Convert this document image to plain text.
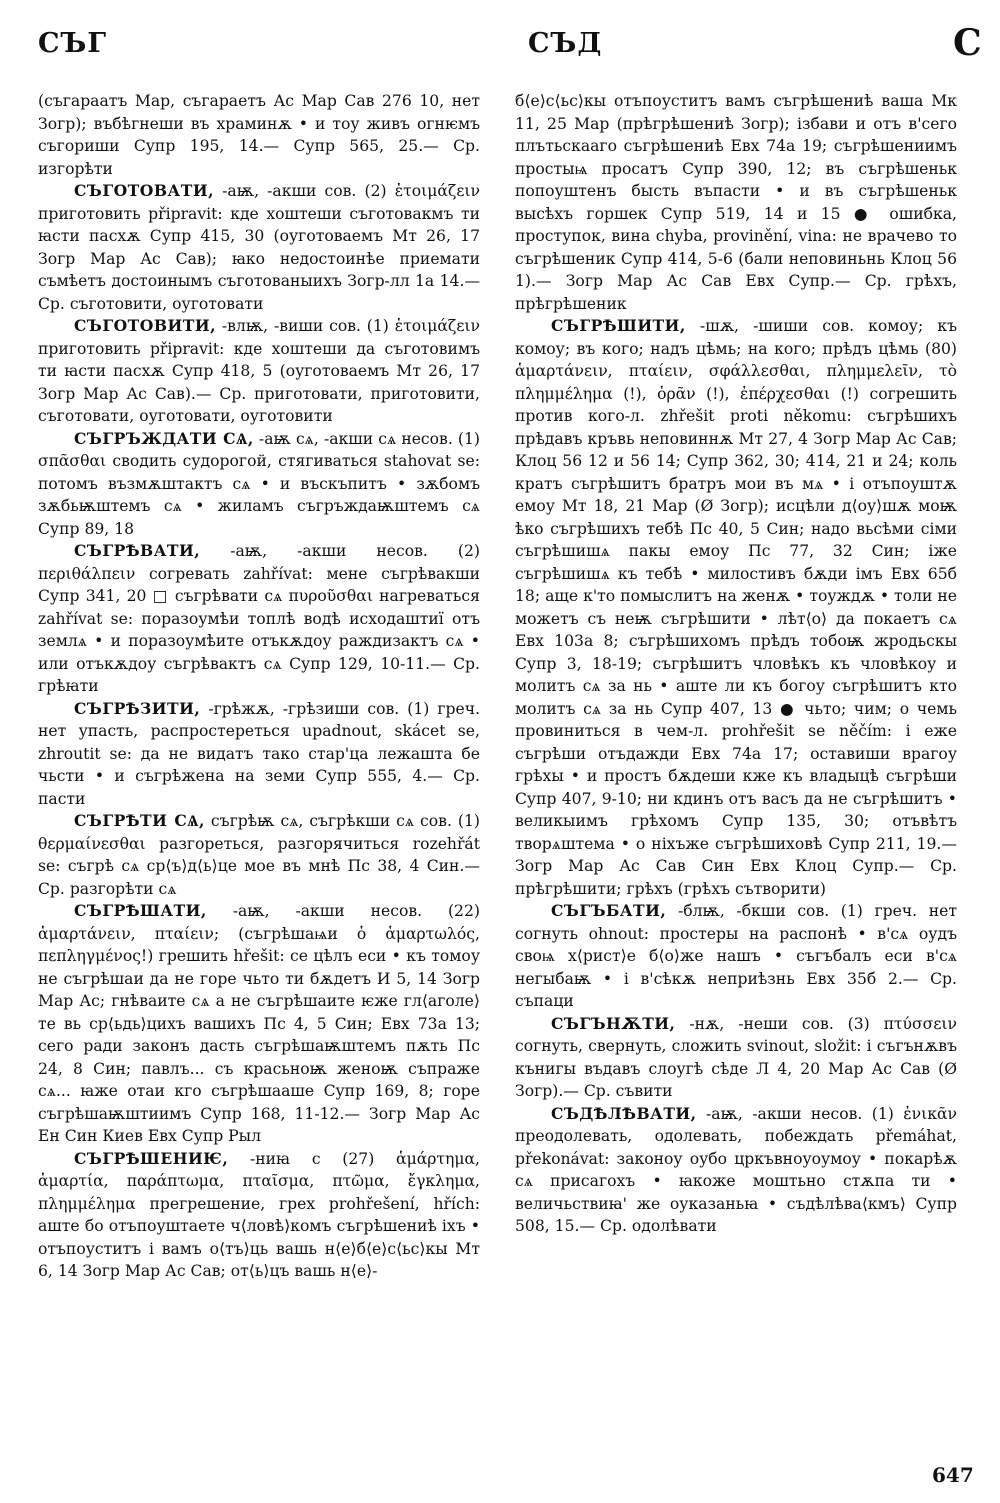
СЪГ	СЪД	С

(съгараатъ Мар, съгараетъ Ас Мар Сав 276 10, нет Зогр); въбѣгнеши въ храминѫ • и тоу живъ огнѥмъ съгориши Супр 195, 14.— Супр 565, 25.— Ср. изгорѣти

СЪГОТОВАТИ, -аѭ, -акши сов. (2) ἑτοιμάζειν приготовить připravit: кде хоштеши съготовакмъ ти ꙗсти пасхѫ Супр 415, 30 (оуготоваемъ Мт 26, 17 Зогр Мар Ас Сав); ꙗко недостоинѣе приемати съмѣетъ достоинымъ съготованыихъ Зогр-лл 1а 14.— Ср. съготовити, оуготовати

СЪГОТОВИТИ, -влѭ, -виши сов. (1) ἑτοιμάζειν приготовить připravit: кде хоштеши да съготовимъ ти ꙗсти пасхѫ Супр 418, 5 (оуготоваемъ Мт 26, 17 Зогр Мар Ас Сав).— Ср. приготовати, приготовити, съготовати, оуготовати, оуготовити

СЪГРЪЖДАТИ СѦ, -аѭ сѧ, -акши сѧ несов. (1) σπᾶσθαι сводить судорогой, стягиваться stahovat se: потомъ възмѫштактъ сѧ • и въскъпитъ • зѫбомъ зѫбьѭштемъ сѧ • жиламъ съгръждаѭштемъ сѧ Супр 89, 18

СЪГРѢВАТИ, -аѭ, -акши несов. (2) περιθάλπειν согревать zahřívat: мене съгрѣвакши Супр 341, 20 □ съгрѣвати сѧ πυροῦσθαι нагреваться zahřívat se: поразоумѣи топлѣ водѣ исходаштиї отъ землѧ • и поразоумѣите отъкѫдоу раждизактъ сѧ • или отъкѫдоу съгрѣвактъ сѧ Супр 129, 10-11.— Ср. грѣꙗти

СЪГРѢЗИТИ, -грѣжѫ, -грѣзиши сов. (1) греч. нет упасть, распростереться upadnout, skácet se, zhroutit se: да не видатъ тако стар'ца лежашта бе чьсти • и съгрѣжена на земи Супр 555, 4.— Ср. пасти

СЪГРѢТИ СѦ, съгрѣѭ сѧ, съгрѣкши сѧ сов. (1) θερμαίνεσθαι разгореться, разгорячиться rozehřát se: съгрѣ сѧ ср⟨ъ⟩д⟨ь⟩це мое въ мнѣ Пс 38, 4 Син.— Ср. разгорѣти сѧ

СЪГРѢШАТИ, -аѭ, -акши несов. (22) ἁμαρτάνειν, πταίειν; (съгрѣшаѩи ὁ ἁμαρτωλός, πεπληγμένος!) грешить hřešit: се цѣлъ еси • къ томоу не съгрѣшаи да не горе чьто ти бѫдетъ И 5, 14 Зогр Мар Ас; гнѣваите сѧ а не съгрѣшаите ѥже гл⟨аголе⟩те вь ср⟨ьдь⟩цихъ вашихъ Пс 4, 5 Син; Евх 73а 13; сего ради законъ дасть съгрѣшаѭштемъ пѫть Пс 24, 8 Син; павлъ... съ красьноѭ женоѭ съпраже сѧ... ꙗже отаи кго съгрѣшааше Супр 169, 8; горе съгрѣшаѭштиимъ Супр 168, 11-12.— Зогр Мар Ас Ен Син Киев Евх Супр Рыл

СЪГРѢШЕНИѤ, -ниꙗ с (27) ἁμάρτημα, ἁμαρτία, παράπτωμα, πταῖσμα, πτῶμα, ἔγκλημα, πλημμέλημα прегрешение, грех prohřešení, hřích: аште бо отъпоуштаете ч⟨ловѣ⟩комъ съгрѣшениѣ іхъ • отъпоуститъ і вамъ о⟨тъ⟩ць вашь н⟨е⟩б⟨е⟩с⟨ьс⟩кы Мт 6, 14 Зогр Мар Ас Сав; от⟨ь⟩цъ вашь н⟨е⟩-

б⟨е⟩с⟨ьс⟩кы отъпоуститъ вамъ съгрѣшениѣ ваша Мк 11, 25 Мар (прѣгрѣшениѣ Зогр); ізбави и отъ в'сего плътьскааго съгрѣшениѣ Евх 74а 19; съгрѣшениимъ простыѩ просатъ Супр 390, 12; въ съгрѣшеньк попоуштенъ бысть въпасти • и въ съгрѣшеньк высѣхъ горшек Супр 519, 14 и 15 ● ошибка, проступок, вина chyba, provinění, vina: не врачево то съгрѣшеник Супр 414, 5-6 (бали неповиньнь Клоц 56 1).— Зогр Мар Ас Сав Евх Супр.— Ср. грѣхъ, прѣгрѣшеник

СЪГРѢШИТИ, -шѫ, -шиши сов. комоу; къ комоу; въ кого; надъ цѣмь; на кого; прѣдъ цѣмь (80) ἁμαρτάνειν, πταίειν, σφάλλεσθαι, πλημμελεῖν, τὸ πλημμέλημα (!), ὁρᾶν (!), ἐπέρχεσθαι (!) согрешить против кого-л. zhřešit proti někomu: съгрѣшихъ прѣдавъ кръвь неповиннѫ Мт 27, 4 Зогр Мар Ас Сав; Клоц 56 12 и 56 14; Супр 362, 30; 414, 21 и 24; коль кратъ съгрѣшитъ братръ мои въ мѧ • і отъпоуштѫ емоу Мт 18, 21 Мар (Ø Зогр); исцѣли д⟨оу⟩шѫ моѭ ѣко съгрѣшихъ тебѣ Пс 40, 5 Син; надо вьсѣми сіми съгрѣшишѧ пакы емоу Пс 77, 32 Син; іже съгрѣшишѧ къ тебѣ • милостивъ бѫди імъ Евх 65б 18; аще к'то помыслитъ на женѫ • тоуждѫ • толи не можетъ съ неѭ съгрѣшити • лѣт⟨о⟩ да покаетъ сѧ Евх 103а 8; съгрѣшихомъ прѣдъ тобоѭ жродьскы Супр 3, 18-19; съгрѣшитъ чловѣкъ къ чловѣкоу и молитъ сѧ за нь • аште ли къ богоу съгрѣшитъ кто молитъ сѧ за нь Супр 407, 13 ● чьто; чим; о чемь провиниться в чем-л. prohřešit se něčím: і еже съгрѣши отъдажди Евх 74а 17; оставиши врагоу грѣхы • и простъ бѫдеши кже къ владыцѣ съгрѣши Супр 407, 9-10; ни кдинъ отъ васъ да не съгрѣшитъ • великыимъ грѣхомъ Супр 135, 30; отъвѣтъ творѧштема • о ніхъже съгрѣшиховѣ Супр 211, 19.— Зогр Мар Ас Сав Син Евх Клоц Супр.— Ср. прѣгрѣшити; грѣхъ (грѣхъ сътворити)

СЪГЪБАТИ, -блѭ, -бкши сов. (1) греч. нет согнуть ohnout: простеры на распонѣ • в'сѧ оудъ своѩ х⟨рист⟩е б⟨о⟩же нашъ • съгъбалъ еси в'сѧ негыбаѭ • і в'сѣкѫ неприѣзнь Евх 35б 2.— Ср. съпаци

СЪГЪНѪТИ, -нѫ, -неши сов. (3) πτύσσειν согнуть, свернуть, сложить svinout, složit: і съгънѫвъ кънигы въдавъ слоугѣ сѣде Л 4, 20 Мар Ас Сав (Ø Зогр).— Ср. съвити

СЪДѢЛѢВАТИ, -аѭ, -акши несов. (1) ἐνικᾶν преодолевать, одолевать, побеждать přemáhat, překonávat: законоу оубо цркъвноуоумоу • покарѣѫ сѧ присагохъ • ꙗкоже моштьно стѫпа ти • величьствиꙗ' же оуказаньꙗ • съдѣлѣва⟨кмъ⟩ Супр 508, 15.— Ср. одолѣвати

647
